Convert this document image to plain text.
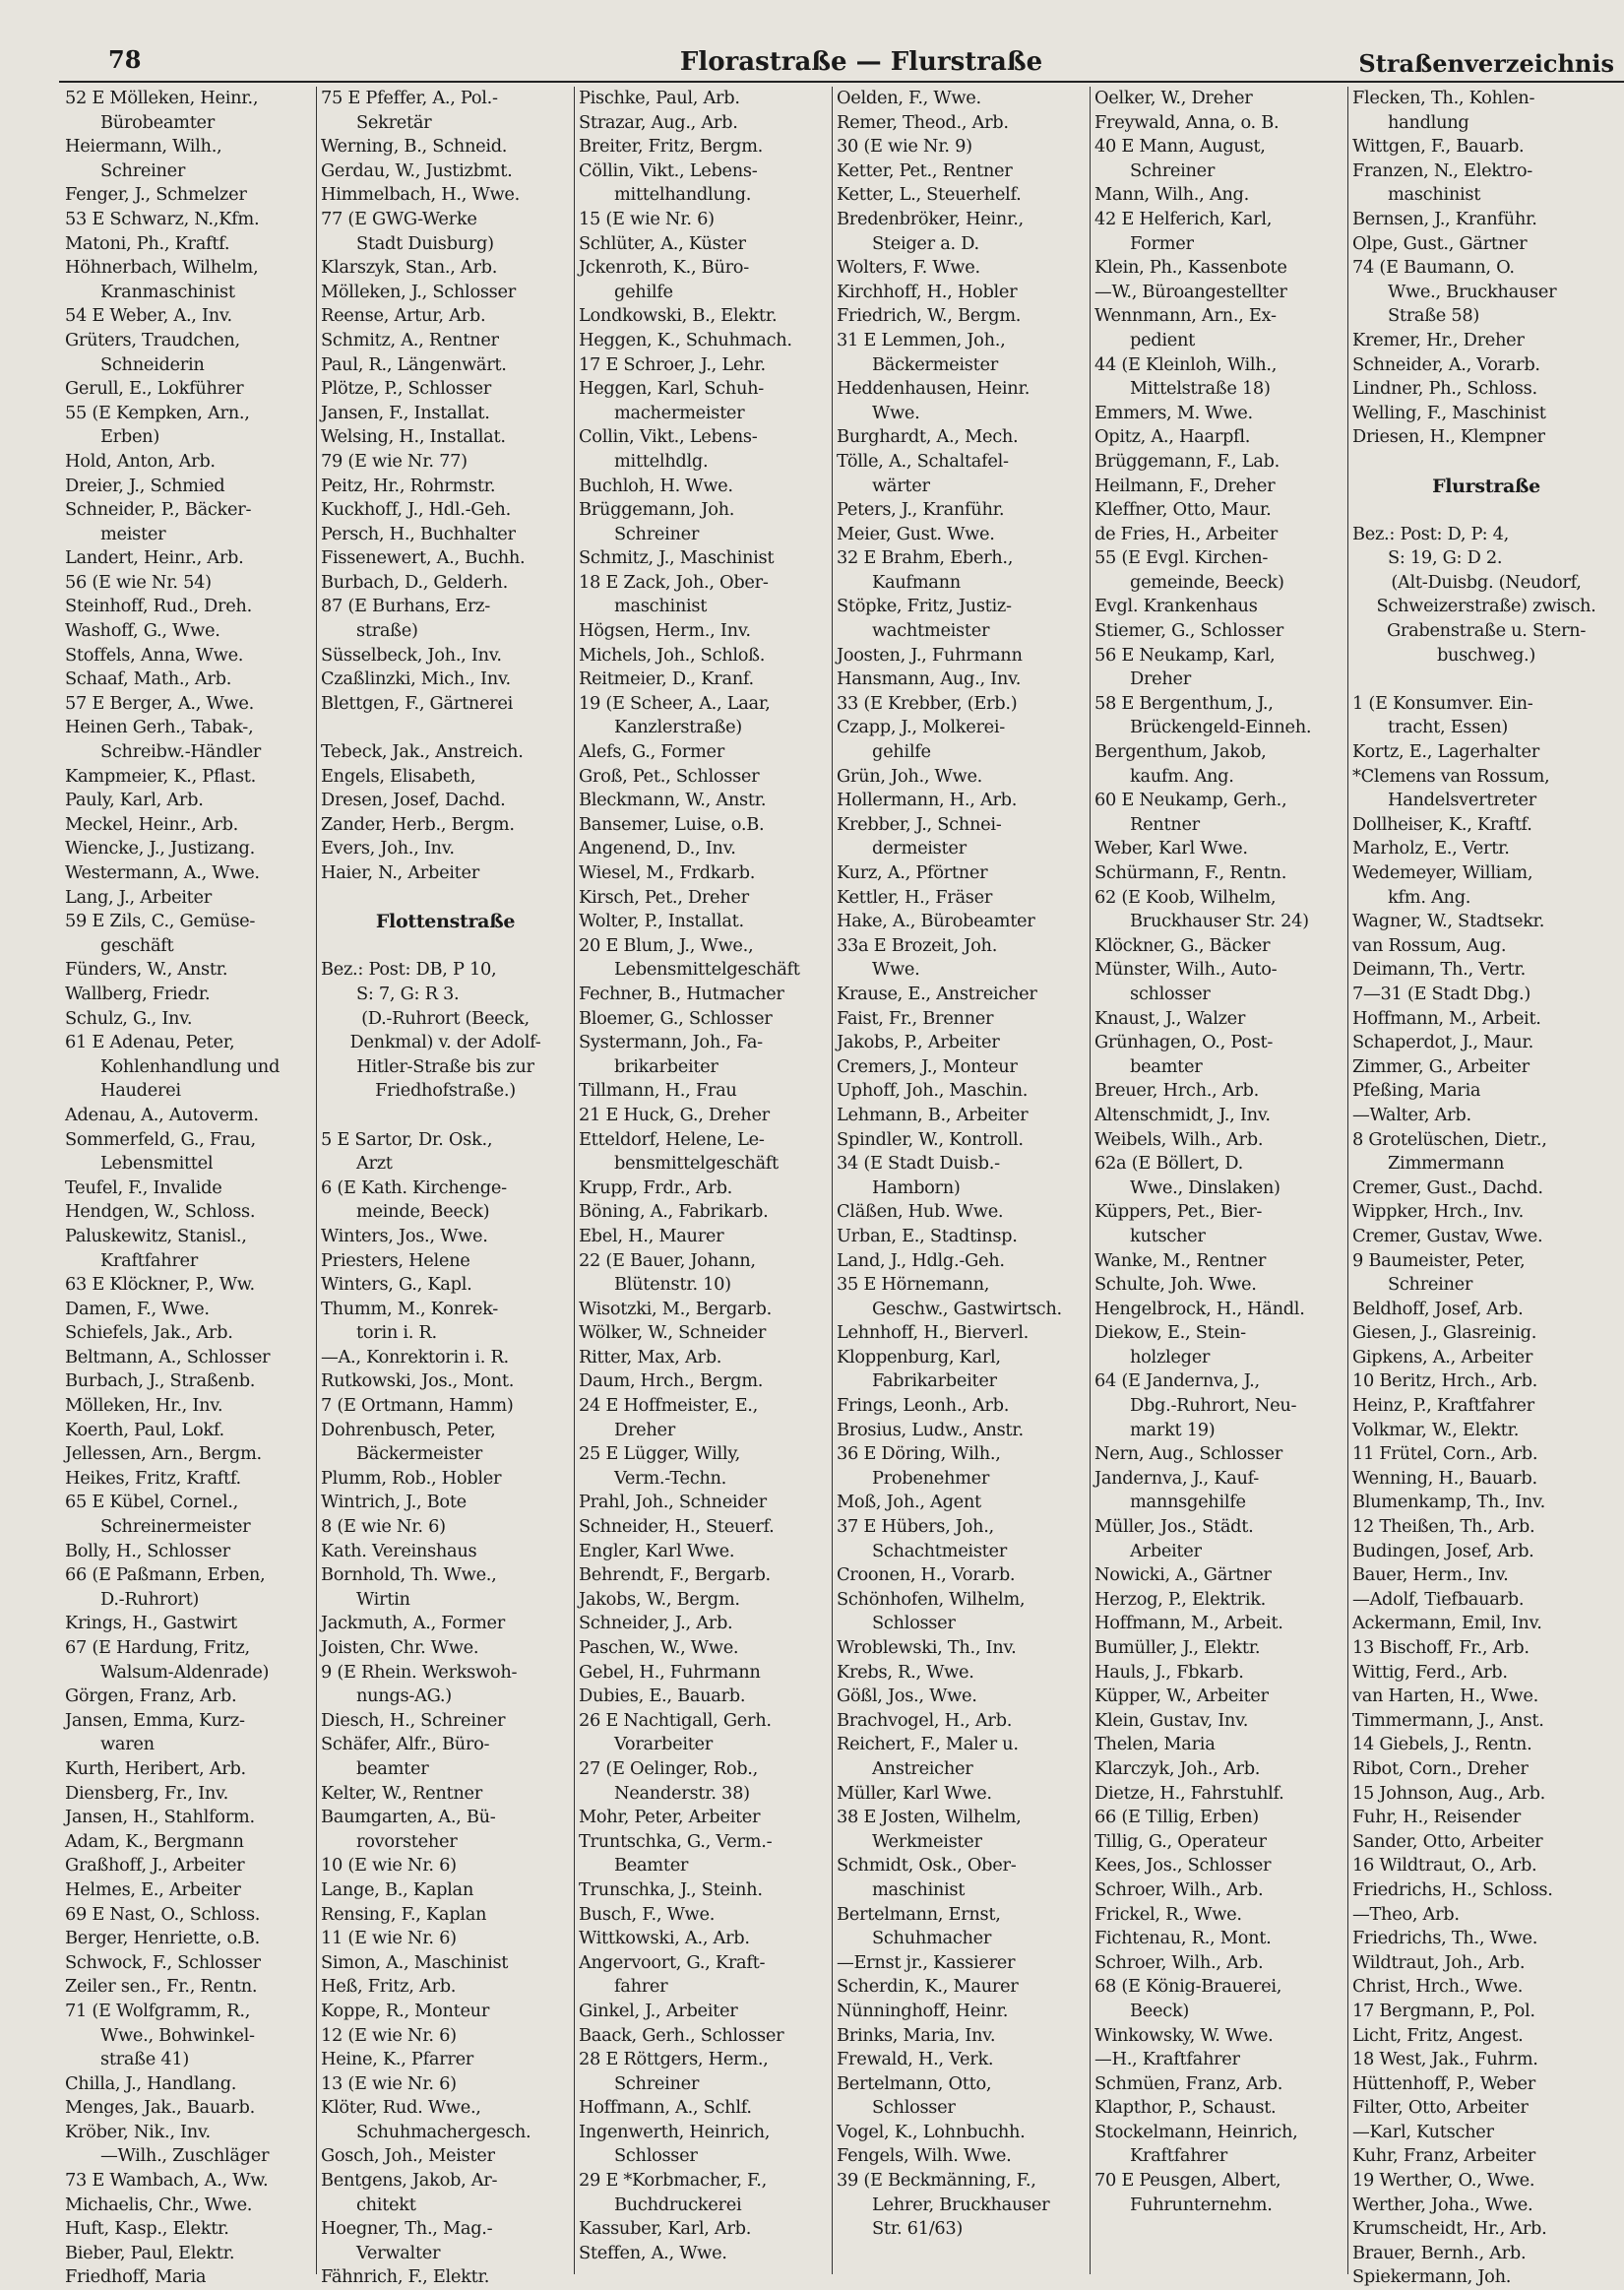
78	Florastraße — Flurstraße	Straßenverzeichnis
52 E Mölleken, Heinr.,
Bürobeamter
Heiermann, Wilh.,
Schreiner
Fenger, J., Schmelzer
53 E Schwarz, N.,Kfm.
Matoni, Ph., Kraftf.
Höhnerbach, Wilhelm,
Kranmaschinist
54 E Weber, A., Inv.
Grüters, Traudchen,
Schneiderin
Gerull, E., Lokführer
55 (E Kempken, Arn.,
Erben)
Hold, Anton, Arb.
Dreier, J., Schmied
Schneider, P., Bäcker-
meister
Landert, Heinr., Arb.
56 (E wie Nr. 54)
Steinhoff, Rud., Dreh.
Washoff, G., Wwe.
Stoffels, Anna, Wwe.
Schaaf, Math., Arb.
57 E Berger, A., Wwe.
Heinen Gerh., Tabak-,
Schreibw.-Händler
Kampmeier, K., Pflast.
Pauly, Karl, Arb.
Meckel, Heinr., Arb.
Wiencke, J., Justizang.
Westermann, A., Wwe.
Lang, J., Arbeiter
59 E Zils, C., Gemüse-
geschäft
Fünders, W., Anstr.
Wallberg, Friedr.
Schulz, G., Inv.
61 E Adenau, Peter,
Kohlenhandlung und
Hauderei
Adenau, A., Autoverm.
Sommerfeld, G., Frau,
Lebensmittel
Teufel, F., Invalide
Hendgen, W., Schloss.
Paluskewitz, Stanisl.,
Kraftfahrer
63 E Klöckner, P., Ww.
Damen, F., Wwe.
Schiefels, Jak., Arb.
Beltmann, A., Schlosser
Burbach, J., Straßenb.
Mölleken, Hr., Inv.
Koerth, Paul, Lokf.
Jellessen, Arn., Bergm.
Heikes, Fritz, Kraftf.
65 E Kübel, Cornel.,
Schreinermeister
Bolly, H., Schlosser
66 (E Paßmann, Erben,
D.-Ruhrort)
Krings, H., Gastwirt
67 (E Hardung, Fritz,
Walsum-Aldenrade)
Görgen, Franz, Arb.
Jansen, Emma, Kurz-
waren
Kurth, Heribert, Arb.
Diensberg, Fr., Inv.
Jansen, H., Stahlform.
Adam, K., Bergmann
Graßhoff, J., Arbeiter
Helmes, E., Arbeiter
69 E Nast, O., Schloss.
Berger, Henriette, o.B.
Schwock, F., Schlosser
Zeiler sen., Fr., Rentn.
71 (E Wolfgramm, R.,
Wwe., Bohwinkel-
straße 41)
Chilla, J., Handlang.
Menges, Jak., Bauarb.
Kröber, Nik., Inv.
—Wilh., Zuschläger
73 E Wambach, A., Ww.
Michaelis, Chr., Wwe.
Huft, Kasp., Elektr.
Bieber, Paul, Elektr.
Friedhoff, Maria
75 E Pfeffer, A., Pol.-
Sekretär
Werning, B., Schneid.
Gerdau, W., Justizbmt.
Himmelbach, H., Wwe.
77 (E GWG-Werke
Stadt Duisburg)
Klarszyk, Stan., Arb.
Mölleken, J., Schlosser
Reense, Artur, Arb.
Schmitz, A., Rentner
Paul, R., Längenwärt.
Plötze, P., Schlosser
Jansen, F., Installat.
Welsing, H., Installat.
79 (E wie Nr. 77)
Peitz, Hr., Rohrmstr.
Kuckhoff, J., Hdl.-Geh.
Persch, H., Buchhalter
Fissenewert, A., Buchh.
Burbach, D., Gelderh.
87 (E Burhans, Erz-
straße)
Süsselbeck, Joh., Inv.
Czaßlinzki, Mich., Inv.
Blettgen, F., Gärtnerei
Tebeck, Jak., Anstreich.
Engels, Elisabeth,
Dresen, Josef, Dachd.
Zander, Herb., Bergm.
Evers, Joh., Inv.
Haier, N., Arbeiter
Flottenstraße
Bez.: Post: DB, P 10,
S: 7, G: R 3.
(D.-Ruhrort (Beeck,
Denkmal) v. der Adolf-
Hitler-Straße bis zur
Friedhofstraße.)
5 E Sartor, Dr. Osk.,
Arzt
6 (E Kath. Kirchenge-
meinde, Beeck)
Winters, Jos., Wwe.
Priesters, Helene
Winters, G., Kapl.
Thumm, M., Konrek-
torin i. R.
—A., Konrektorin i. R.
Rutkowski, Jos., Mont.
7 (E Ortmann, Hamm)
Dohrenbusch, Peter,
Bäckermeister
Plumm, Rob., Hobler
Wintrich, J., Bote
8 (E wie Nr. 6)
Kath. Vereinshaus
Bornhold, Th. Wwe.,
Wirtin
Jackmuth, A., Former
Joisten, Chr. Wwe.
9 (E Rhein. Werkswoh-
nungs-AG.)
Diesch, H., Schreiner
Schäfer, Alfr., Büro-
beamter
Kelter, W., Rentner
Baumgarten, A., Bü-
rovorsteher
10 (E wie Nr. 6)
Lange, B., Kaplan
Rensing, F., Kaplan
11 (E wie Nr. 6)
Simon, A., Maschinist
Heß, Fritz, Arb.
Koppe, R., Monteur
12 (E wie Nr. 6)
Heine, K., Pfarrer
13 (E wie Nr. 6)
Klöter, Rud. Wwe.,
Schuhmachergesch.
Gosch, Joh., Meister
Bentgens, Jakob, Ar-
chitekt
Hoegner, Th., Mag.-
Verwalter
Fähnrich, F., Elektr.
Pischke, Paul, Arb.
Strazar, Aug., Arb.
Breiter, Fritz, Bergm.
Cöllin, Vikt., Lebens-
mittelhandlung.
15 (E wie Nr. 6)
Schlüter, A., Küster
Jckenroth, K., Büro-
gehilfe
Londkowski, B., Elektr.
Heggen, K., Schuhmach.
17 E Schroer, J., Lehr.
Heggen, Karl, Schuh-
machermeister
Collin, Vikt., Lebens-
mittelhdlg.
Buchloh, H. Wwe.
Brüggemann, Joh.
Schreiner
Schmitz, J., Maschinist
18 E Zack, Joh., Ober-
maschinist
Högsen, Herm., Inv.
Michels, Joh., Schloß.
Reitmeier, D., Kranf.
19 (E Scheer, A., Laar,
Kanzlerstraße)
Alefs, G., Former
Groß, Pet., Schlosser
Bleckmann, W., Anstr.
Bansemer, Luise, o.B.
Angenend, D., Inv.
Wiesel, M., Frdkarb.
Kirsch, Pet., Dreher
Wolter, P., Installat.
20 E Blum, J., Wwe.,
Lebensmittelgeschäft
Fechner, B., Hutmacher
Bloemer, G., Schlosser
Systermann, Joh., Fa-
brikarbeiter
Tillmann, H., Frau
21 E Huck, G., Dreher
Etteldorf, Helene, Le-
bensmittelgeschäft
Krupp, Frdr., Arb.
Böning, A., Fabrikarb.
Ebel, H., Maurer
22 (E Bauer, Johann,
Blütenstr. 10)
Wisotzki, M., Bergarb.
Wölker, W., Schneider
Ritter, Max, Arb.
Daum, Hrch., Bergm.
24 E Hoffmeister, E.,
Dreher
25 E Lügger, Willy,
Verm.-Techn.
Prahl, Joh., Schneider
Schneider, H., Steuerf.
Engler, Karl Wwe.
Behrendt, F., Bergarb.
Jakobs, W., Bergm.
Schneider, J., Arb.
Paschen, W., Wwe.
Gebel, H., Fuhrmann
Dubies, E., Bauarb.
26 E Nachtigall, Gerh.
Vorarbeiter
27 (E Oelinger, Rob.,
Neanderstr. 38)
Mohr, Peter, Arbeiter
Truntschka, G., Verm.-
Beamter
Trunschka, J., Steinh.
Busch, F., Wwe.
Wittkowski, A., Arb.
Angervoort, G., Kraft-
fahrer
Ginkel, J., Arbeiter
Baack, Gerh., Schlosser
28 E Röttgers, Herm.,
Schreiner
Hoffmann, A., Schlf.
Ingenwerth, Heinrich,
Schlosser
29 E *Korbmacher, F.,
Buchdruckerei
Kassuber, Karl, Arb.
Steffen, A., Wwe.
Oelden, F., Wwe.
Remer, Theod., Arb.
30 (E wie Nr. 9)
Ketter, Pet., Rentner
Ketter, L., Steuerhelf.
Bredenbröker, Heinr.,
Steiger a. D.
Wolters, F. Wwe.
Kirchhoff, H., Hobler
Friedrich, W., Bergm.
31 E Lemmen, Joh.,
Bäckermeister
Heddenhausen, Heinr.
Wwe.
Burghardt, A., Mech.
Tölle, A., Schaltafel-
wärter
Peters, J., Kranführ.
Meier, Gust. Wwe.
32 E Brahm, Eberh.,
Kaufmann
Stöpke, Fritz, Justiz-
wachtmeister
Joosten, J., Fuhrmann
Hansmann, Aug., Inv.
33 (E Krebber, (Erb.)
Czapp, J., Molkerei-
gehilfe
Grün, Joh., Wwe.
Hollermann, H., Arb.
Krebber, J., Schnei-
dermeister
Kurz, A., Pförtner
Kettler, H., Fräser
Hake, A., Bürobeamter
33a E Brozeit, Joh.
Wwe.
Krause, E., Anstreicher
Faist, Fr., Brenner
Jakobs, P., Arbeiter
Cremers, J., Monteur
Uphoff, Joh., Maschin.
Lehmann, B., Arbeiter
Spindler, W., Kontroll.
34 (E Stadt Duisb.-
Hamborn)
Cläßen, Hub. Wwe.
Urban, E., Stadtinsp.
Land, J., Hdlg.-Geh.
35 E Hörnemann,
Geschw., Gastwirtsch.
Lehnhoff, H., Bierverl.
Kloppenburg, Karl,
Fabrikarbeiter
Frings, Leonh., Arb.
Brosius, Ludw., Anstr.
36 E Döring, Wilh.,
Probenehmer
Moß, Joh., Agent
37 E Hübers, Joh.,
Schachtmeister
Croonen, H., Vorarb.
Schönhofen, Wilhelm,
Schlosser
Wroblewski, Th., Inv.
Krebs, R., Wwe.
Gößl, Jos., Wwe.
Brachvogel, H., Arb.
Reichert, F., Maler u.
Anstreicher
Müller, Karl Wwe.
38 E Josten, Wilhelm,
Werkmeister
Schmidt, Osk., Ober-
maschinist
Bertelmann, Ernst,
Schuhmacher
—Ernst jr., Kassierer
Scherdin, K., Maurer
Nünninghoff, Heinr.
Brinks, Maria, Inv.
Frewald, H., Verk.
Bertelmann, Otto,
Schlosser
Vogel, K., Lohnbuchh.
Fengels, Wilh. Wwe.
39 (E Beckmänning, F.,
Lehrer, Bruckhauser
Str. 61/63)
Oelker, W., Dreher
Freywald, Anna, o. B.
40 E Mann, August,
Schreiner
Mann, Wilh., Ang.
42 E Helferich, Karl,
Former
Klein, Ph., Kassenbote
—W., Büroangestellter
Wennmann, Arn., Ex-
pedient
44 (E Kleinloh, Wilh.,
Mittelstraße 18)
Emmers, M. Wwe.
Opitz, A., Haarpfl.
Brüggemann, F., Lab.
Heilmann, F., Dreher
Kleffner, Otto, Maur.
de Fries, H., Arbeiter
55 (E Evgl. Kirchen-
gemeinde, Beeck)
Evgl. Krankenhaus
Stiemer, G., Schlosser
56 E Neukamp, Karl,
Dreher
58 E Bergenthum, J.,
Brückengeld-Einneh.
Bergenthum, Jakob,
kaufm. Ang.
60 E Neukamp, Gerh.,
Rentner
Weber, Karl Wwe.
Schürmann, F., Rentn.
62 (E Koob, Wilhelm,
Bruckhauser Str. 24)
Klöckner, G., Bäcker
Münster, Wilh., Auto-
schlosser
Knaust, J., Walzer
Grünhagen, O., Post-
beamter
Breuer, Hrch., Arb.
Altenschmidt, J., Inv.
Weibels, Wilh., Arb.
62a (E Böllert, D.
Wwe., Dinslaken)
Küppers, Pet., Bier-
kutscher
Wanke, M., Rentner
Schulte, Joh. Wwe.
Hengelbrock, H., Händl.
Diekow, E., Stein-
holzleger
64 (E Jandernva, J.,
Dbg.-Ruhrort, Neu-
markt 19)
Nern, Aug., Schlosser
Jandernva, J., Kauf-
mannsgehilfe
Müller, Jos., Städt.
Arbeiter
Nowicki, A., Gärtner
Herzog, P., Elektrik.
Hoffmann, M., Arbeit.
Bumüller, J., Elektr.
Hauls, J., Fbkarb.
Küpper, W., Arbeiter
Klein, Gustav, Inv.
Thelen, Maria
Klarczyk, Joh., Arb.
Dietze, H., Fahrstuhlf.
66 (E Tillig, Erben)
Tillig, G., Operateur
Kees, Jos., Schlosser
Schroer, Wilh., Arb.
Frickel, R., Wwe.
Fichtenau, R., Mont.
Schroer, Wilh., Arb.
68 (E König-Brauerei,
Beeck)
Winkowsky, W. Wwe.
—H., Kraftfahrer
Schmüen, Franz, Arb.
Klapthor, P., Schaust.
Stockelmann, Heinrich,
Kraftfahrer
70 E Peusgen, Albert,
Fuhrunternehm.
Flecken, Th., Kohlen-
handlung
Wittgen, F., Bauarb.
Franzen, N., Elektro-
maschinist
Bernsen, J., Kranführ.
Olpe, Gust., Gärtner
74 (E Baumann, O.
Wwe., Bruckhauser
Straße 58)
Kremer, Hr., Dreher
Schneider, A., Vorarb.
Lindner, Ph., Schloss.
Welling, F., Maschinist
Driesen, H., Klempner
Flurstraße
Bez.: Post: D, P: 4,
S: 19, G: D 2.
(Alt-Duisbg. (Neudorf,
Schweizerstraße) zwisch.
Grabenstraße u. Stern-
buschweg.)
1 (E Konsumver. Ein-
tracht, Essen)
Kortz, E., Lagerhalter
*Clemens van Rossum,
Handelsvertreter
Dollheiser, K., Kraftf.
Marholz, E., Vertr.
Wedemeyer, William,
kfm. Ang.
Wagner, W., Stadtsekr.
van Rossum, Aug.
Deimann, Th., Vertr.
7—31 (E Stadt Dbg.)
Hoffmann, M., Arbeit.
Schaperdot, J., Maur.
Zimmer, G., Arbeiter
Pfeßing, Maria
—Walter, Arb.
8 Grotelüschen, Dietr.,
Zimmermann
Cremer, Gust., Dachd.
Wippker, Hrch., Inv.
Cremer, Gustav, Wwe.
9 Baumeister, Peter,
Schreiner
Beldhoff, Josef, Arb.
Giesen, J., Glasreinig.
Gipkens, A., Arbeiter
10 Beritz, Hrch., Arb.
Heinz, P., Kraftfahrer
Volkmar, W., Elektr.
11 Frütel, Corn., Arb.
Wenning, H., Bauarb.
Blumenkamp, Th., Inv.
12 Theißen, Th., Arb.
Budingen, Josef, Arb.
Bauer, Herm., Inv.
—Adolf, Tiefbauarb.
Ackermann, Emil, Inv.
13 Bischoff, Fr., Arb.
Wittig, Ferd., Arb.
van Harten, H., Wwe.
Timmermann, J., Anst.
14 Giebels, J., Rentn.
Ribot, Corn., Dreher
15 Johnson, Aug., Arb.
Fuhr, H., Reisender
Sander, Otto, Arbeiter
16 Wildtraut, O., Arb.
Friedrichs, H., Schloss.
—Theo, Arb.
Friedrichs, Th., Wwe.
Wildtraut, Joh., Arb.
Christ, Hrch., Wwe.
17 Bergmann, P., Pol.
Licht, Fritz, Angest.
18 West, Jak., Fuhrm.
Hüttenhoff, P., Weber
Filter, Otto, Arbeiter
—Karl, Kutscher
Kuhr, Franz, Arbeiter
19 Werther, O., Wwe.
Werther, Joha., Wwe.
Krumscheidt, Hr., Arb.
Brauer, Bernh., Arb.
Spiekermann, Joh.
